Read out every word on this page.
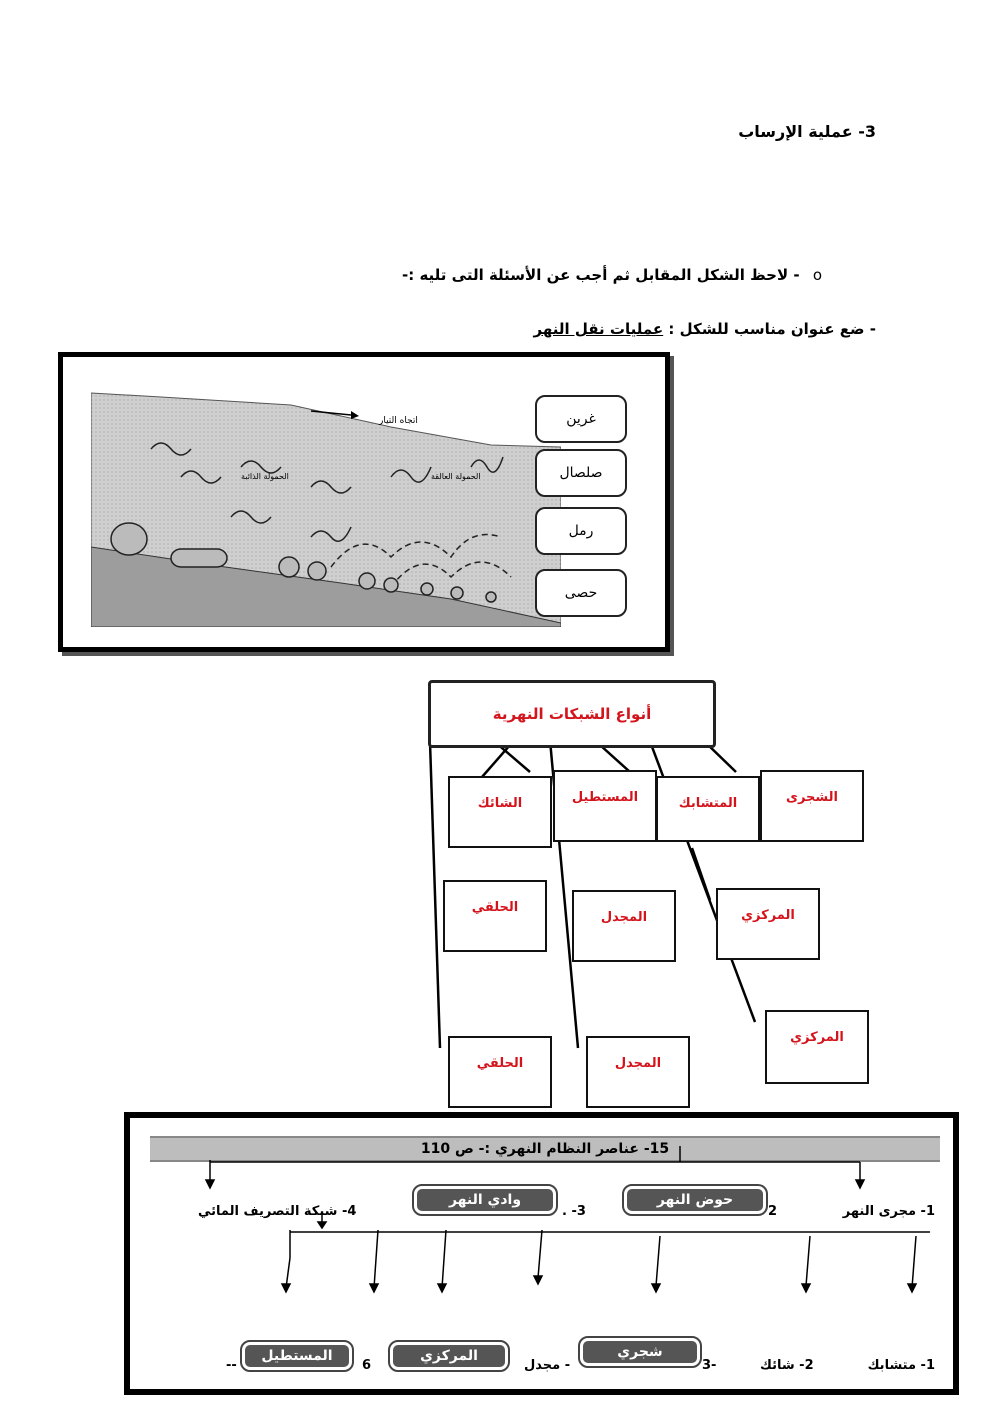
3- عملية الإرساب
o - لاحظ الشكل المقابل ثم أجب عن الأسئلة التى تليه :-
- ضع عنوان مناسب للشكل : عمليات نقل النهر
اتجاه التيار
الحمولة الذائبة	الحمولة العالقة
غرين
صلصال
رمل
حصى
أنواع الشبكات النهرية
الشجرى
المتشابك
المستطيل
الشائك
المركزي
المجدل
الحلقي
المركزي
المجدل
الحلقي
15- عناصر النظام النهري :- ص 110
1- مجرى النهر
2
حوض النهر
3- .
وادي النهر
4- شبكة التصريف المائي
1- متشابك
2- شائك
3-
شجري
- مجدل
المركزي
6
المستطيل
--
